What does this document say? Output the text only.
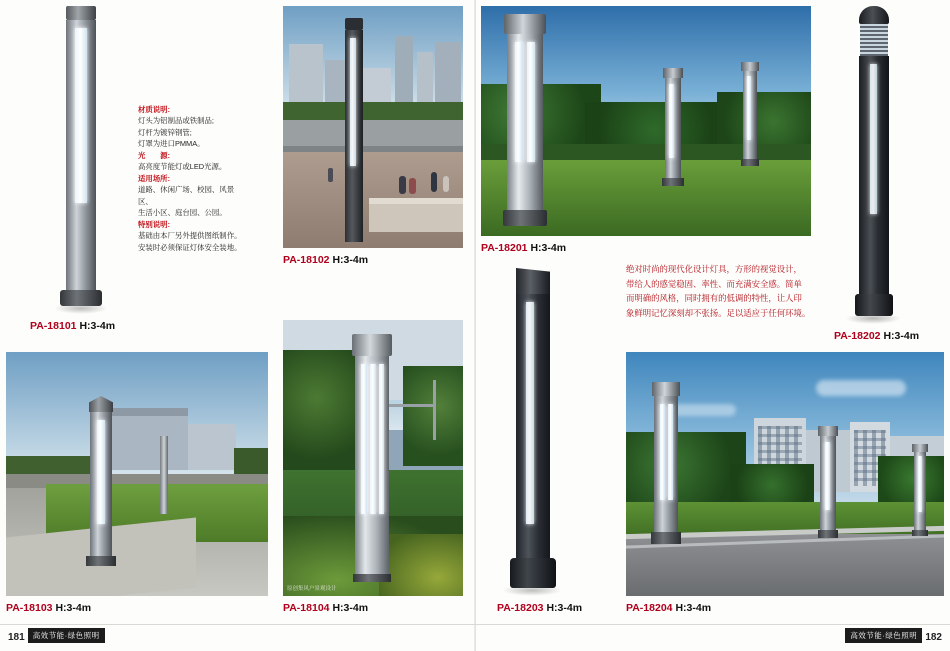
PA-18101 H:3-4m
材质说明:
灯头为铝制品或铁制品;
灯杆为镀锌钢管;
灯罩为进口PMMA。
光　　源:
高亮度节能灯或LED光源。
适用场所:
道路、休闲广场、校园、风景区、
生活小区、庭台园、公园。
特别说明:
基础由本厂另外提供图纸制作。
安装时必须保证灯体安全装地。
PA-18102 H:3-4m
PA-18103 H:3-4m
原创集风户景观设计
PA-18104 H:3-4m
PA-18201 H:3-4m
PA-18202 H:3-4m
绝对时尚的现代化设计灯具，方形的视觉设计，
带给人的感觉稳固、率性、而充满安全感。简单
而明确的风格，同时拥有的低调的特性，让人印
象鲜明记忆深刻却不张扬。足以适应于任何环境。
PA-18203 H:3-4m	PA-18204 H:3-4m
181 高效节能·绿色照明	高效节能·绿色照明 182
